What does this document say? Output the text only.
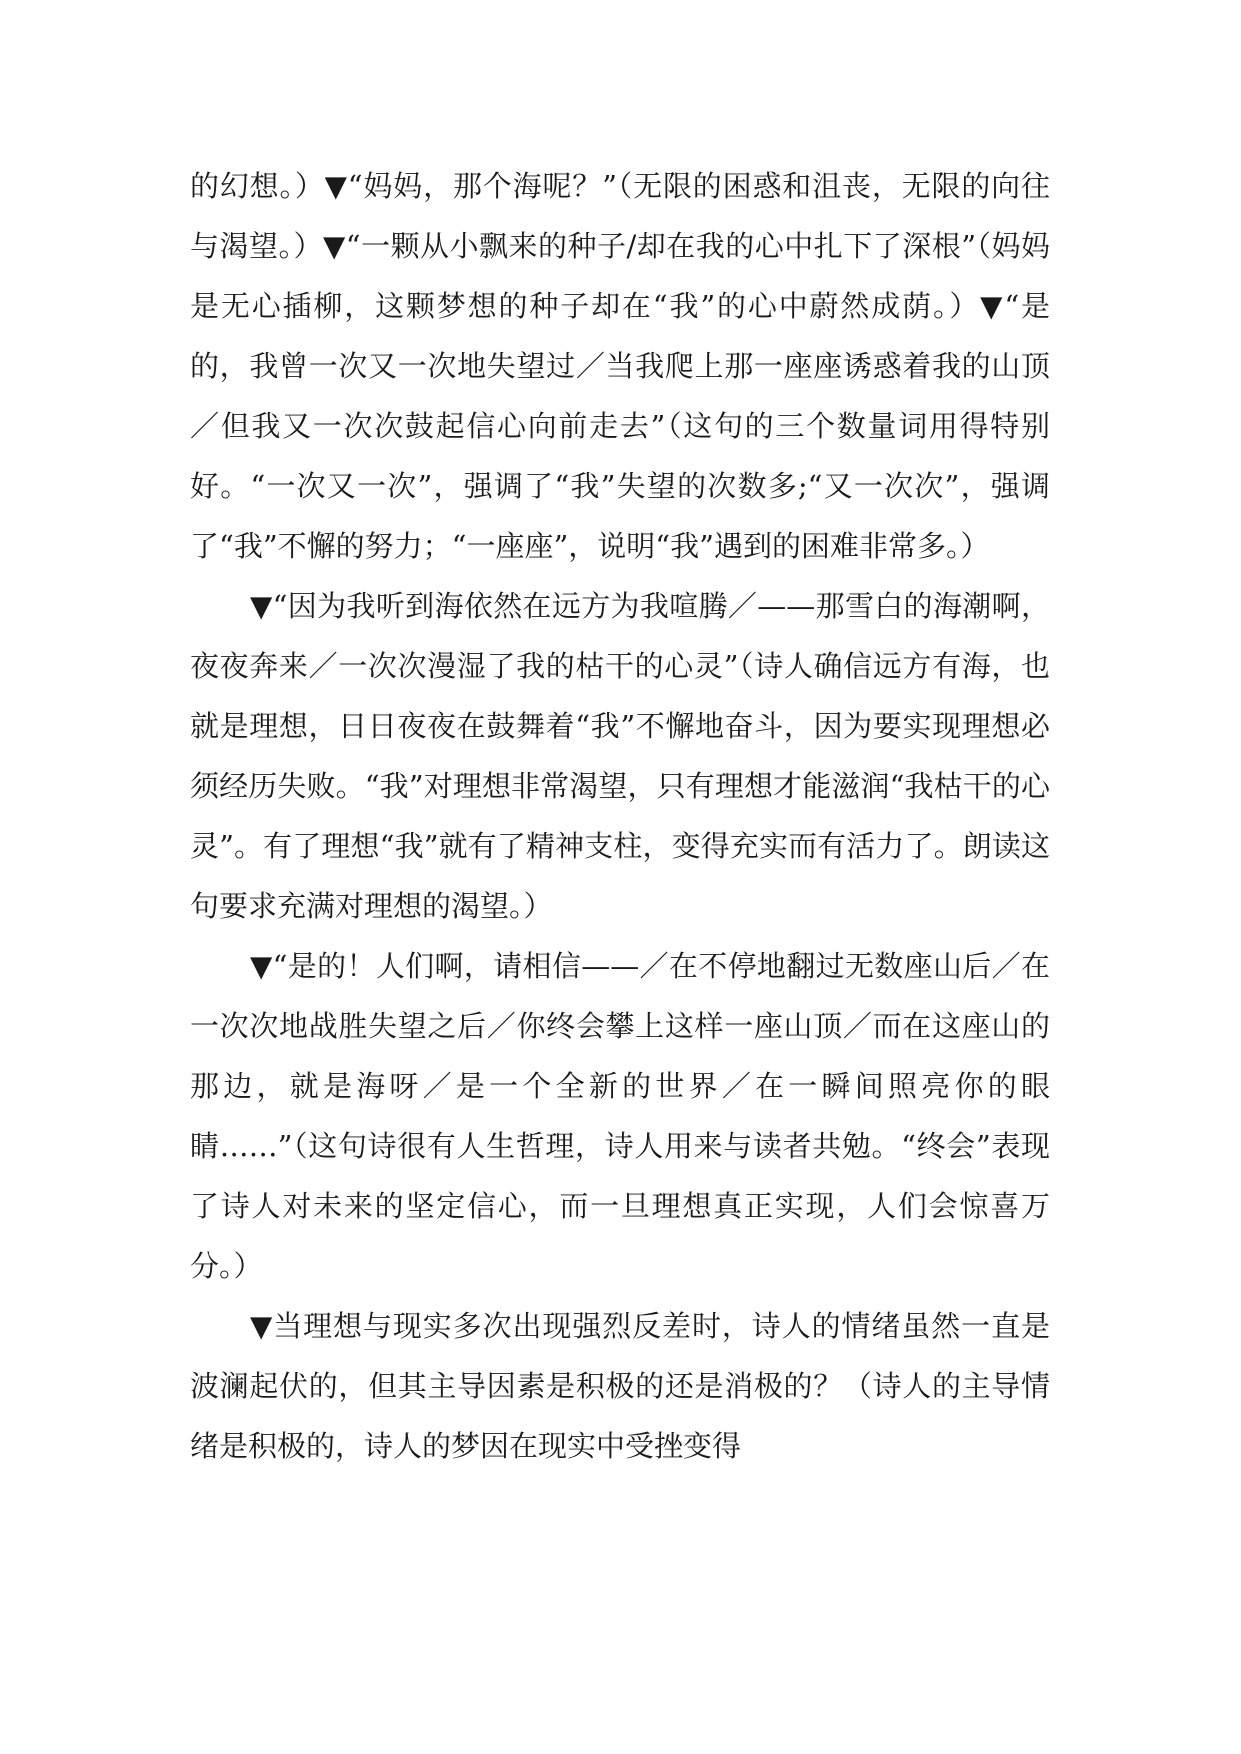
的幻想。）▼“妈妈，那个海呢？”（无限的困惑和沮丧，无限的向往与渴望。）▼“一颗从小飘来的种子/却在我的心中扎下了深根”（妈妈是无心插柳，这颗梦想的种子却在“我”的心中蔚然成荫。）▼“是的，我曾一次又一次地失望过／当我爬上那一座座诱惑着我的山顶／但我又一次次鼓起信心向前走去”（这句的三个数量词用得特别好。“一次又一次”，强调了“我”失望的次数多;“又一次次”，强调了“我”不懈的努力；“一座座”，说明“我”遇到的困难非常多。）

▼“因为我听到海依然在远方为我喧腾／——那雪白的海潮啊，夜夜奔来／一次次漫湿了我的枯干的心灵”（诗人确信远方有海，也就是理想，日日夜夜在鼓舞着“我”不懈地奋斗，因为要实现理想必须经历失败。“我”对理想非常渴望，只有理想才能滋润“我枯干的心灵”。有了理想“我”就有了精神支柱，变得充实而有活力了。朗读这句要求充满对理想的渴望。）

▼“是的！人们啊，请相信——／在不停地翻过无数座山后／在一次次地战胜失望之后／你终会攀上这样一座山顶／而在这座山的那边，就是海呀／是一个全新的世界／在一瞬间照亮你的眼睛……”（这句诗很有人生哲理，诗人用来与读者共勉。“终会”表现了诗人对未来的坚定信心，而一旦理想真正实现，人们会惊喜万分。）

▼当理想与现实多次出现强烈反差时，诗人的情绪虽然一直是波澜起伏的，但其主导因素是积极的还是消极的？（诗人的主导情绪是积极的，诗人的梦因在现实中受挫变得
